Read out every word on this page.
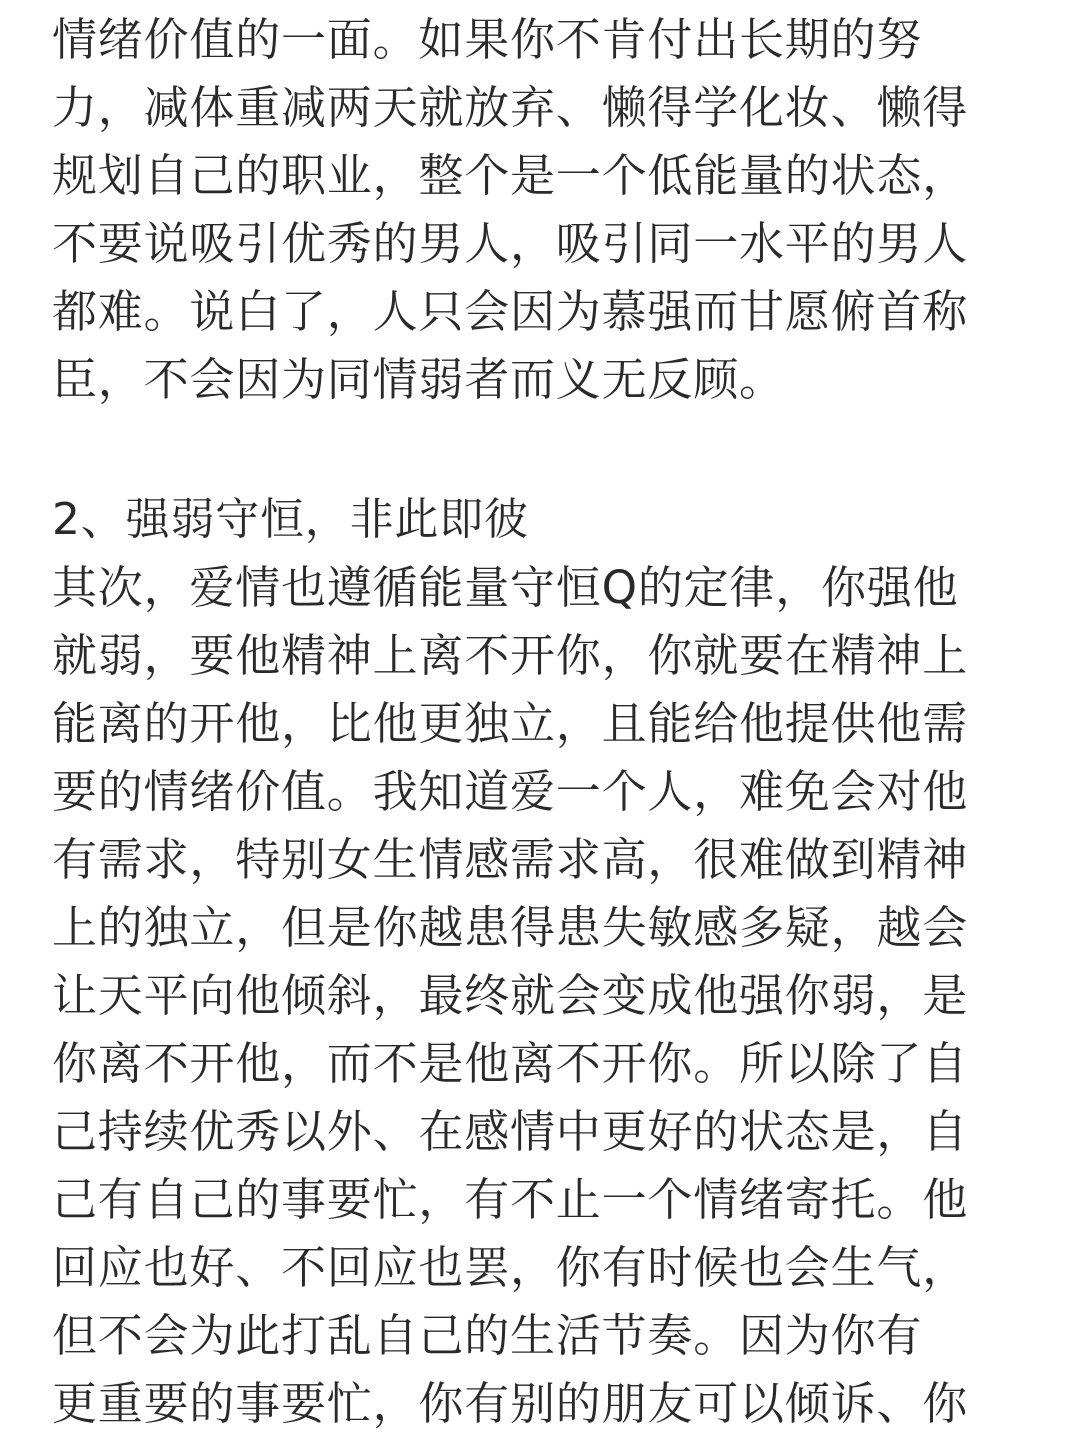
情绪价值的一面。如果你不肯付出长期的努
力，减体重减两天就放弃、懒得学化妆、懒得
规划自己的职业，整个是一个低能量的状态，
不要说吸引优秀的男人，吸引同一水平的男人
都难。说白了，人只会因为慕强而甘愿俯首称
臣，不会因为同情弱者而义无反顾。
2、强弱守恒，非此即彼
其次，爱情也遵循能量守恒Q的定律，你强他
就弱，要他精神上离不开你，你就要在精神上
能离的开他，比他更独立，且能给他提供他需
要的情绪价值。我知道爱一个人，难免会对他
有需求，特别女生情感需求高，很难做到精神
上的独立，但是你越患得患失敏感多疑，越会
让天平向他倾斜，最终就会变成他强你弱，是
你离不开他，而不是他离不开你。所以除了自
己持续优秀以外、在感情中更好的状态是，自
己有自己的事要忙，有不止一个情绪寄托。他
回应也好、不回应也罢，你有时候也会生气，
但不会为此打乱自己的生活节奏。因为你有
更重要的事要忙，你有别的朋友可以倾诉、你
